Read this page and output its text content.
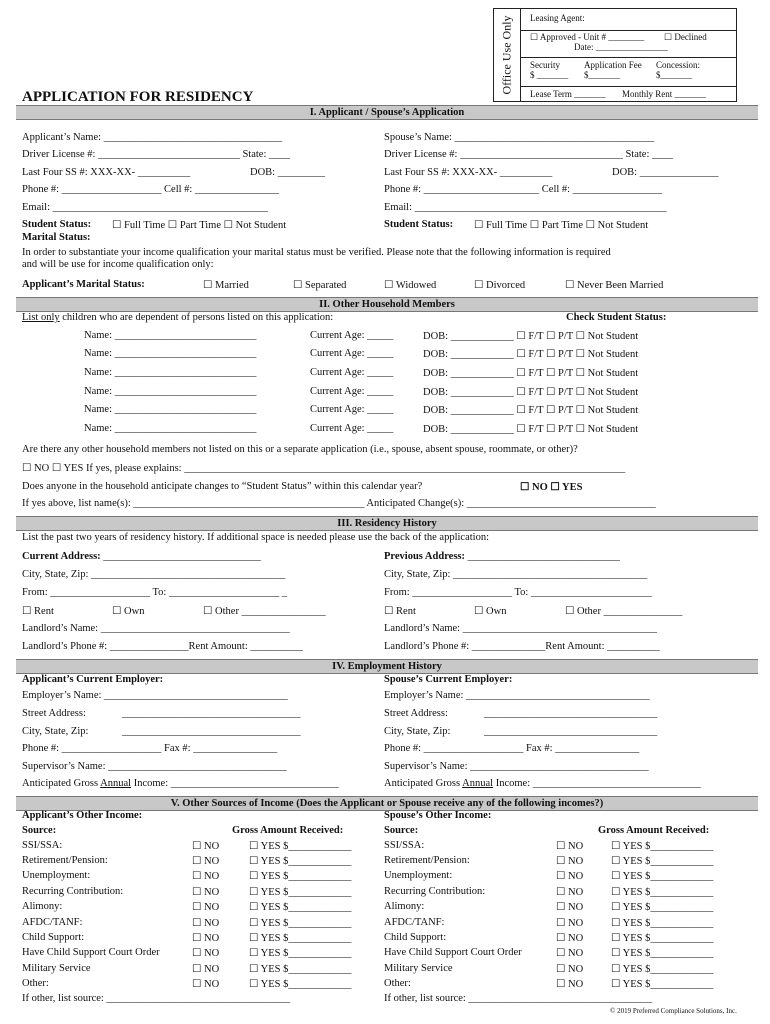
Office Use Only Leasing Agent:
☐ Approved - Unit # ________ ☐ Declined
Date: ________________
Security
$ _______
Application Fee
$_______
Concession:
$_______
Lease Term _______ Monthly Rent _______
APPLICATION FOR RESIDENCY
I. Applicant / Spouse’s Application
Applicant’s Name: __________________________________
Driver License #: ___________________________ State: ____
Last Four SS #: XXX-XX- __________	DOB: _________
Phone #: ___________________ Cell #: ________________
Email: _________________________________________
Student Status: ☐ Full Time ☐ Part Time ☐ Not Student
Spouse’s Name: ______________________________________
Driver License #: _______________________________ State: ____
Last Four SS #: XXX-XX- __________	DOB: _______________
Phone #: ______________________ Cell #: _________________
Email: ________________________________________________
Student Status: ☐ Full Time ☐ Part Time ☐ Not Student
Marital Status:
In order to substantiate your income qualification your marital status must be verified. Please note that the following information is required
and will be use for income qualification only:
Applicant’s Marital Status:	☐ Married	☐ Separated	☐ Widowed	☐ Divorced	☐ Never Been Married
II. Other Household Members
List only children who are dependent of persons listed on this application:	Check Student Status:
Name: ___________________________	Current Age: _____	DOB: ____________ ☐ F/T ☐ P/T ☐ Not Student
Name: ___________________________	Current Age: _____	DOB: ____________ ☐ F/T ☐ P/T ☐ Not Student
Name: ___________________________	Current Age: _____	DOB: ____________ ☐ F/T ☐ P/T ☐ Not Student
Name: ___________________________	Current Age: _____	DOB: ____________ ☐ F/T ☐ P/T ☐ Not Student
Name: ___________________________	Current Age: _____	DOB: ____________ ☐ F/T ☐ P/T ☐ Not Student
Name: ___________________________	Current Age: _____	DOB: ____________ ☐ F/T ☐ P/T ☐ Not Student
Are there any other household members not listed on this or a separate application (i.e., spouse, absent spouse, roommate, or other)?
☐ NO ☐ YES If yes, please explains: ____________________________________________________________________________________
Does anyone in the household anticipate changes to “Student Status” within this calendar year?	☐ NO ☐ YES
If yes above, list name(s): ____________________________________________ Anticipated Change(s): ____________________________________
III. Residency History
List the past two years of residency history. If additional space is needed please use the back of the application:
Current Address: ______________________________
City, State, Zip: _____________________________________
From: ___________________ To: _____________________ _
☐ Rent	☐ Own	☐ Other ________________
Landlord’s Name: ____________________________________
Landlord’s Phone #: _______________Rent Amount: __________
Previous Address: _____________________________
City, State, Zip: _____________________________________
From: ___________________ To: _______________________
☐ Rent	☐ Own	☐ Other _______________
Landlord’s Name: _____________________________________
Landlord’s Phone #: ______________Rent Amount: __________
IV. Employment History
Applicant’s Current Employer:
Employer’s Name: ___________________________________
Street Address:	__________________________________
City, State, Zip:	__________________________________
Phone #: ___________________ Fax #: ________________
Supervisor’s Name: __________________________________
Anticipated Gross Annual Income: ________________________________
Spouse’s Current Employer:
Employer’s Name: ___________________________________
Street Address:	_________________________________
City, State, Zip:	_________________________________
Phone #: ___________________ Fax #: ________________
Supervisor’s Name: __________________________________
Anticipated Gross Annual Income: ________________________________
V. Other Sources of Income (Does the Applicant or Spouse receive any of the following incomes?)
Applicant’s Other Income:
Source:	Gross Amount Received:
Spouse’s Other Income:
Source:	Gross Amount Received:
SSI/SSA:	☐ NO	☐ YES $____________	SSI/SSA:	☐ NO	☐ YES $____________
Retirement/Pension:	☐ NO	☐ YES $____________	Retirement/Pension:	☐ NO	☐ YES $____________
Unemployment:	☐ NO	☐ YES $____________	Unemployment:	☐ NO	☐ YES $____________
Recurring Contribution:	☐ NO	☐ YES $____________	Recurring Contribution:	☐ NO	☐ YES $____________
Alimony:	☐ NO	☐ YES $____________	Alimony:	☐ NO	☐ YES $____________
AFDC/TANF:	☐ NO	☐ YES $____________	AFDC/TANF:	☐ NO	☐ YES $____________
Child Support:	☐ NO	☐ YES $____________	Child Support:	☐ NO	☐ YES $____________
Have Child Support Court Order	☐ NO	☐ YES $____________	Have Child Support Court Order	☐ NO	☐ YES $____________
Military Service	☐ NO	☐ YES $____________	Military Service	☐ NO	☐ YES $____________
Other:	☐ NO	☐ YES $____________	Other:	☐ NO	☐ YES $____________
If other, list source: ___________________________________	If other, list source: ___________________________________
© 2019 Preferred Compliance Solutions, Inc.
